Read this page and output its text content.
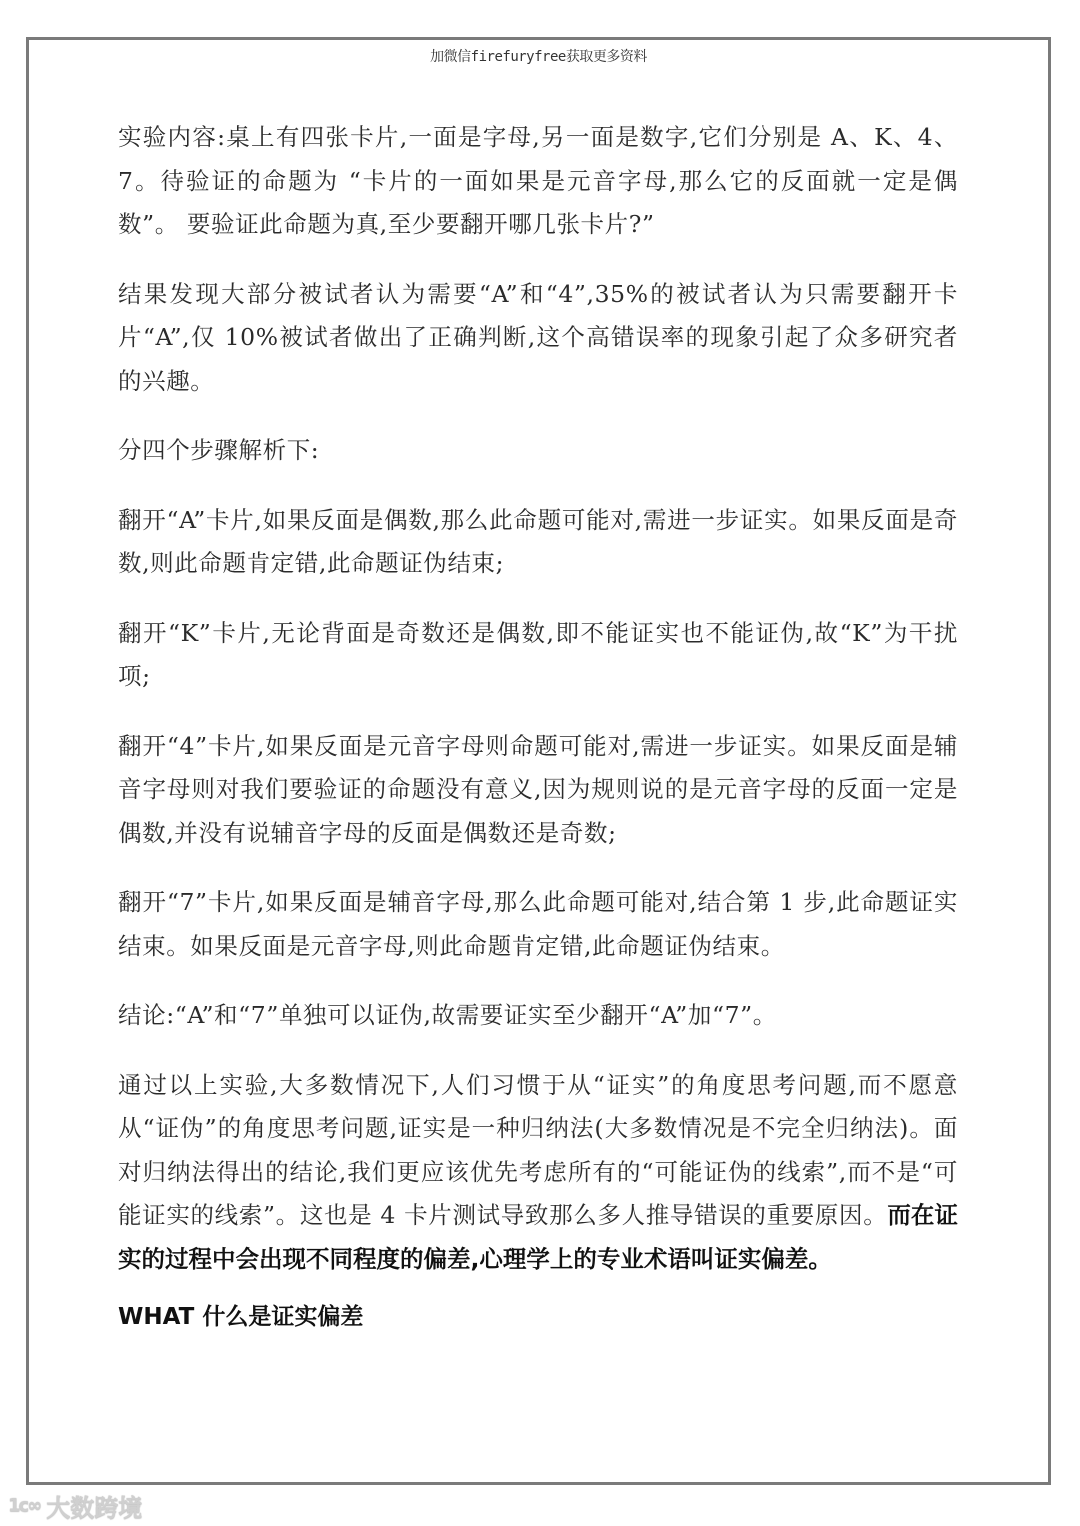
加微信firefuryfree获取更多资料

实验内容:桌上有四张卡片,一面是字母,另一面是数字,它们分别是 A、K、4、7。待验证的命题为 “卡片的一面如果是元音字母,那么它的反面就一定是偶数”。 要验证此命题为真,至少要翻开哪几张卡片?”

结果发现大部分被试者认为需要“A”和“4”,35%的被试者认为只需要翻开卡片“A”,仅 10%被试者做出了正确判断,这个高错误率的现象引起了众多研究者的兴趣。

分四个步骤解析下:

翻开“A”卡片,如果反面是偶数,那么此命题可能对,需进一步证实。如果反面是奇数,则此命题肯定错,此命题证伪结束;

翻开“K”卡片,无论背面是奇数还是偶数,即不能证实也不能证伪,故“K”为干扰项;

翻开“4”卡片,如果反面是元音字母则命题可能对,需进一步证实。如果反面是辅音字母则对我们要验证的命题没有意义,因为规则说的是元音字母的反面一定是偶数,并没有说辅音字母的反面是偶数还是奇数;

翻开“7”卡片,如果反面是辅音字母,那么此命题可能对,结合第 1 步,此命题证实结束。如果反面是元音字母,则此命题肯定错,此命题证伪结束。

结论:“A”和“7”单独可以证伪,故需要证实至少翻开“A”加“7”。

通过以上实验,大多数情况下,人们习惯于从“证实”的角度思考问题,而不愿意从“证伪”的角度思考问题,证实是一种归纳法(大多数情况是不完全归纳法)。面对归纳法得出的结论,我们更应该优先考虑所有的“可能证伪的线索”,而不是“可能证实的线索”。这也是 4 卡片测试导致那么多人推导错误的重要原因。而在证实的过程中会出现不同程度的偏差,心理学上的专业术语叫证实偏差。

WHAT 什么是证实偏差
1c∞ 大数跨境
